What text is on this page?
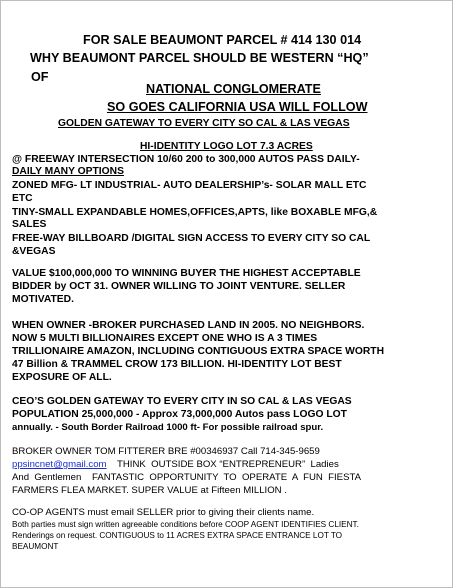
FOR SALE BEAUMONT PARCEL # 414 130 014
WHY BEAUMONT PARCEL SHOULD BE WESTERN “HQ”
OF
NATIONAL CONGLOMERATE
SO GOES CALIFORNIA USA WILL FOLLOW
GOLDEN GATEWAY TO EVERY CITY SO CAL & LAS VEGAS
HI-IDENTITY LOGO LOT 7.3 ACRES
@ FREEWAY INTERSECTION 10/60 200 to 300,000 AUTOS PASS DAILY-
DAILY MANY OPTIONS
ZONED MFG- LT INDUSTRIAL- AUTO DEALERSHIP’s- SOLAR MALL ETC
ETC
TINY-SMALL EXPANDABLE HOMES,OFFICES,APTS, like BOXABLE MFG,&
SALES
FREE-WAY BILLBOARD /DIGITAL SIGN ACCESS TO EVERY CITY SO CAL
&VEGAS
VALUE $100,000,000 TO WINNING BUYER THE HIGHEST ACCEPTABLE
BIDDER by OCT 31. OWNER WILLING TO JOINT VENTURE. SELLER
MOTIVATED.
WHEN OWNER -BROKER PURCHASED LAND IN 2005. NO NEIGHBORS.
NOW 5 MULTI BILLIONAIRES EXCEPT ONE WHO IS A 3 TIMES
TRILLIONAIRE AMAZON, INCLUDING CONTIGUOUS EXTRA SPACE WORTH
47 Billion & TRAMMEL CROW 173 BILLION. HI-IDENTITY LOT BEST
EXPOSURE OF ALL.
CEO’S GOLDEN GATEWAY TO EVERY CITY IN SO CAL & LAS VEGAS
POPULATION 25,000,000 - Approx 73,000,000 Autos pass LOGO LOT
annually. - South Border Railroad 1000 ft- For possible railroad spur.
BROKER OWNER TOM FITTERER BRE #00346937 Call 714-345-9659
ppsincnet@gmail.com    THINK  OUTSIDE BOX “ENTREPRENEUR”  Ladies
And  Gentlemen    FANTASTIC  OPPORTUNITY  TO  OPERATE  A  FUN  FIESTA
FARMERS FLEA MARKET. SUPER VALUE at Fifteen MILLION .
CO-OP AGENTS must email SELLER prior to giving their clients name.
Both parties must sign written agreeable conditions before COOP AGENT IDENTIFIES CLIENT.
Renderings on request. CONTIGUOUS to 11 ACRES EXTRA SPACE ENTRANCE LOT TO
BEAUMONT
